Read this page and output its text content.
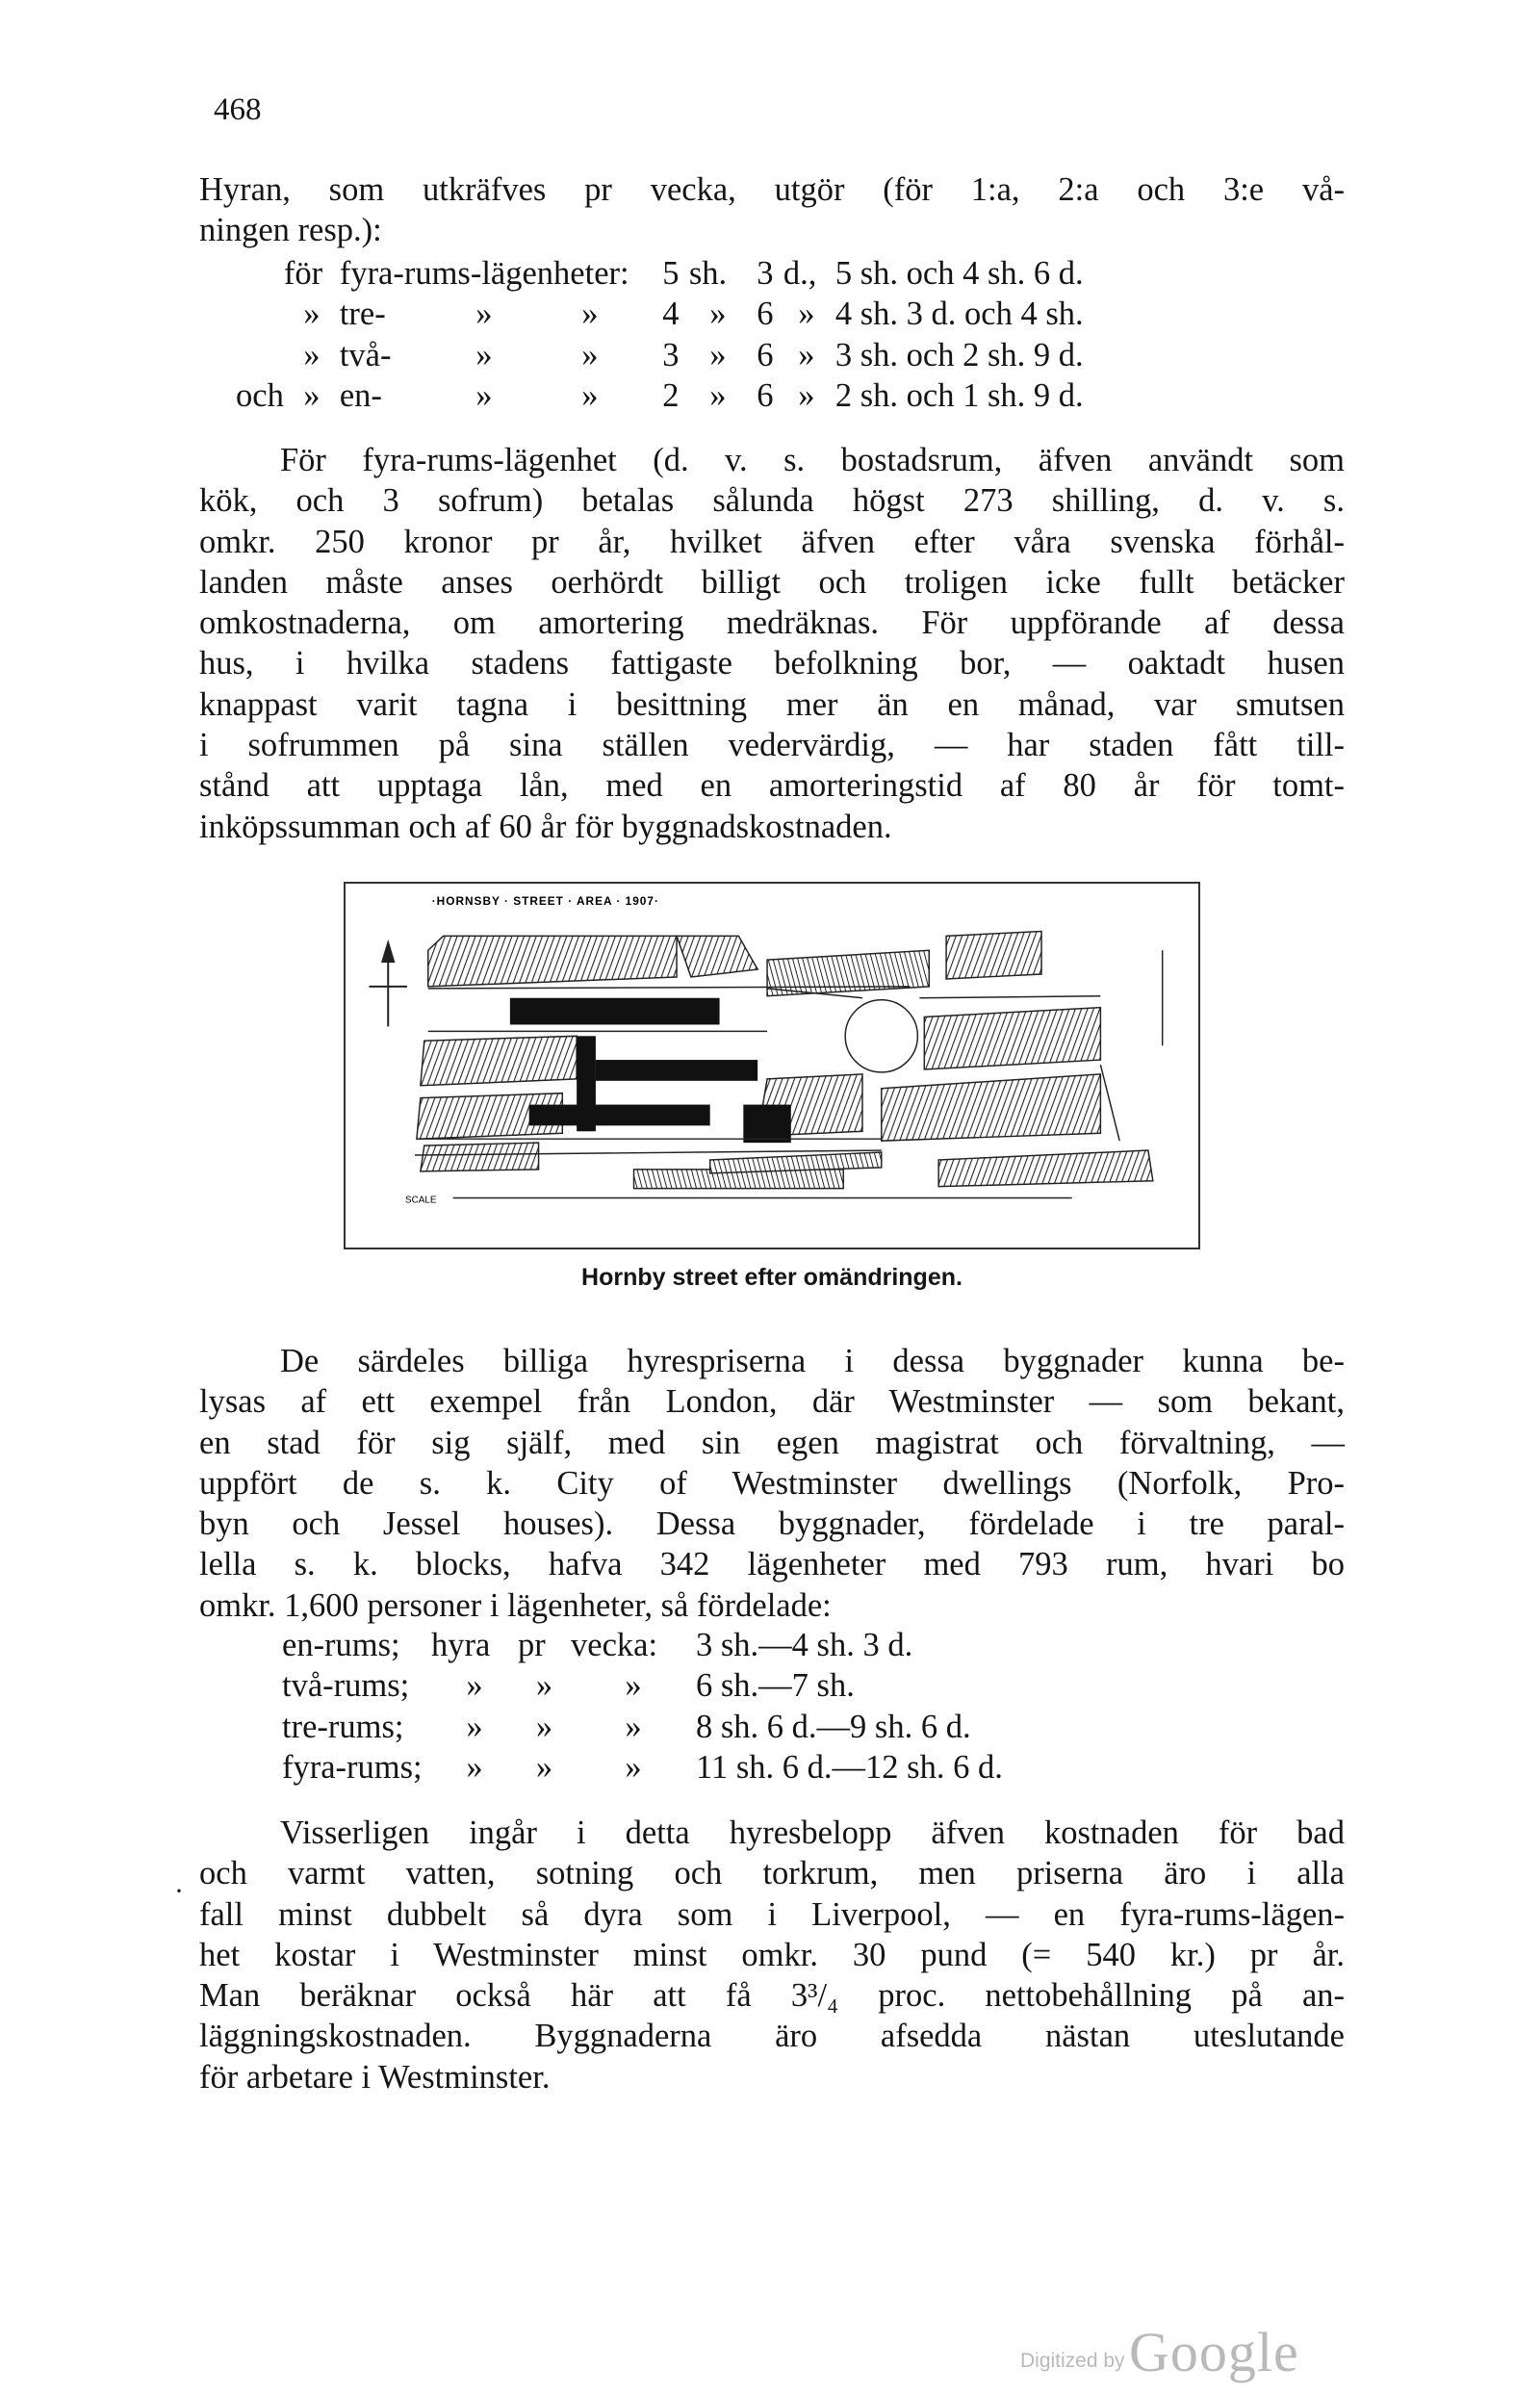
468
Hyran, som utkräfves pr vecka, utgör (för 1:a, 2:a och 3:e vå-
ningen resp.):
	för	fyra-rums-lägenheter:			5	sh.	3	d.,	5 sh. och 4 sh. 6 d.
	»	tre-	»	»	4	»	6	»	4 sh. 3 d. och 4 sh.
	»	två-	»	»	3	»	6	»	3 sh. och 2 sh. 9 d.
och	»	en-	»	»	2	»	6	»	2 sh. och 1 sh. 9 d.
För fyra-rums-lägenhet (d. v. s. bostadsrum, äfven användt som
kök, och 3 sofrum) betalas sålunda högst 273 shilling, d. v. s.
omkr. 250 kronor pr år, hvilket äfven efter våra svenska förhål-
landen måste anses oerhördt billigt och troligen icke fullt betäcker
omkostnaderna, om amortering medräknas. För uppförande af dessa
hus, i hvilka stadens fattigaste befolkning bor, — oaktadt husen
knappast varit tagna i besittning mer än en månad, var smutsen
i sofrummen på sina ställen vedervärdig, — har staden fått till-
stånd att upptaga lån, med en amorteringstid af 80 år för tomt-
inköpssumman och af 60 år för byggnadskostnaden.
·HORNSBY · STREET · AREA · 1907·
SCALE
Hornby street efter omändringen.
De särdeles billiga hyrespriserna i dessa byggnader kunna be-
lysas af ett exempel från London, där Westminster — som bekant,
en stad för sig själf, med sin egen magistrat och förvaltning, —
uppfört de s. k. City of Westminster dwellings (Norfolk, Pro-
byn och Jessel houses). Dessa byggnader, fördelade i tre paral-
lella s. k. blocks, hafva 342 lägenheter med 793 rum, hvari bo
omkr. 1,600 personer i lägenheter, så fördelade:
en-rums;	hyra	pr	vecka:	3 sh.—4 sh. 3 d.
två-rums;	»	»	»	6 sh.—7 sh.
tre-rums;	»	»	»	8 sh. 6 d.—9 sh. 6 d.
fyra-rums;	»	»	»	11 sh. 6 d.—12 sh. 6 d.
·
Visserligen ingår i detta hyresbelopp äfven kostnaden för bad
och varmt vatten, sotning och torkrum, men priserna äro i alla
fall minst dubbelt så dyra som i Liverpool, — en fyra-rums-lägen-
het kostar i Westminster minst omkr. 30 pund (= 540 kr.) pr år.
Man beräknar också här att få 3³/₄ proc. nettobehållning på an-
läggningskostnaden. Byggnaderna äro afsedda nästan uteslutande
för arbetare i Westminster.
Digitized by Google
